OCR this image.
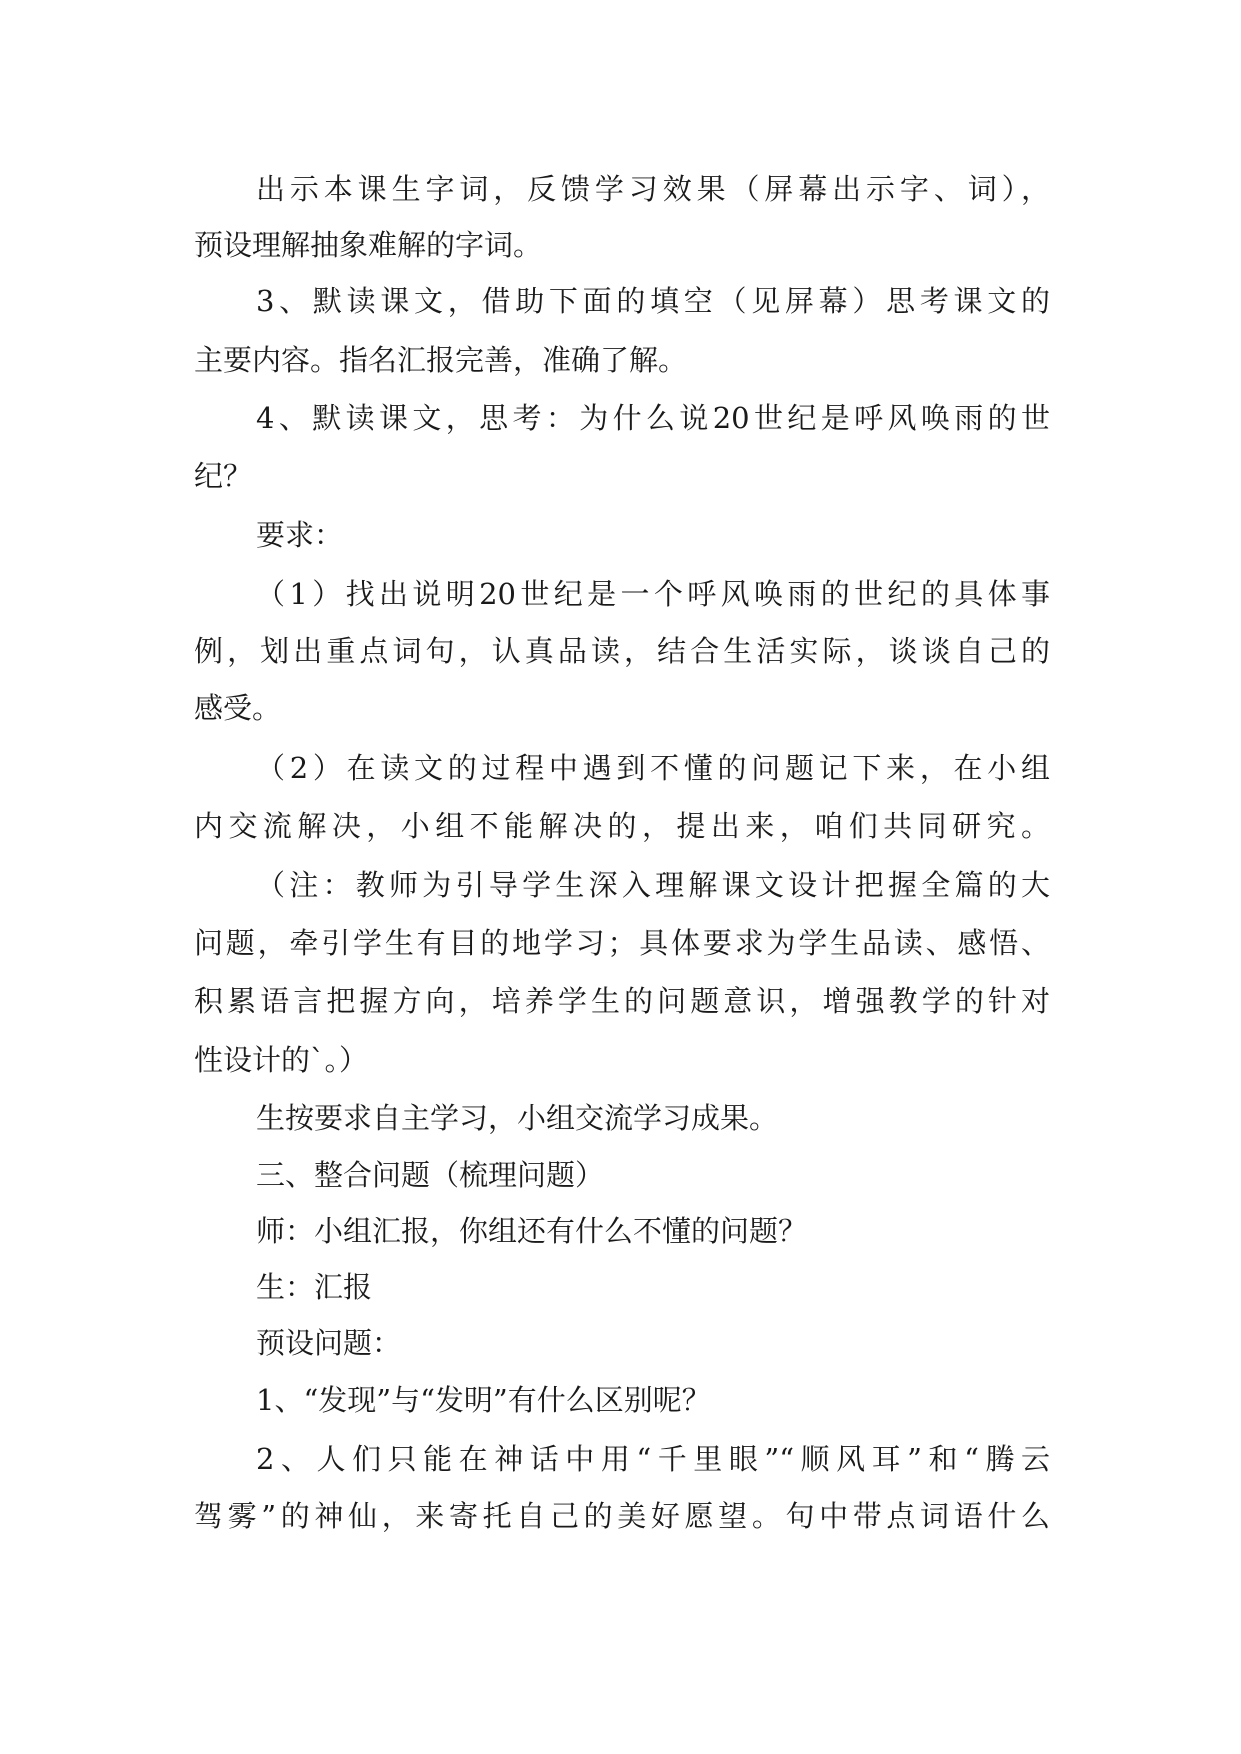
出示本课生字词，反馈学习效果（屏幕出示字、词），
预设理解抽象难解的字词。
3、默读课文，借助下面的填空（见屏幕）思考课文的
主要内容。指名汇报完善，准确了解。
4、默读课文，思考：为什么说20世纪是呼风唤雨的世
纪？
要求：
（1）找出说明20世纪是一个呼风唤雨的世纪的具体事
例，划出重点词句，认真品读，结合生活实际，谈谈自己的
感受。
（2）在读文的过程中遇到不懂的问题记下来，在小组
内交流解决，小组不能解决的，提出来，咱们共同研究。
（注：教师为引导学生深入理解课文设计把握全篇的大
问题，牵引学生有目的地学习；具体要求为学生品读、感悟、
积累语言把握方向，培养学生的问题意识，增强教学的针对
性设计的`。）
生按要求自主学习，小组交流学习成果。
三、整合问题（梳理问题）
师：小组汇报，你组还有什么不懂的问题？
生：汇报
预设问题：
1、“发现”与“发明”有什么区别呢？
2、人们只能在神话中用“千里眼”“顺风耳”和“腾云
驾雾”的神仙，来寄托自己的美好愿望。句中带点词语什么
